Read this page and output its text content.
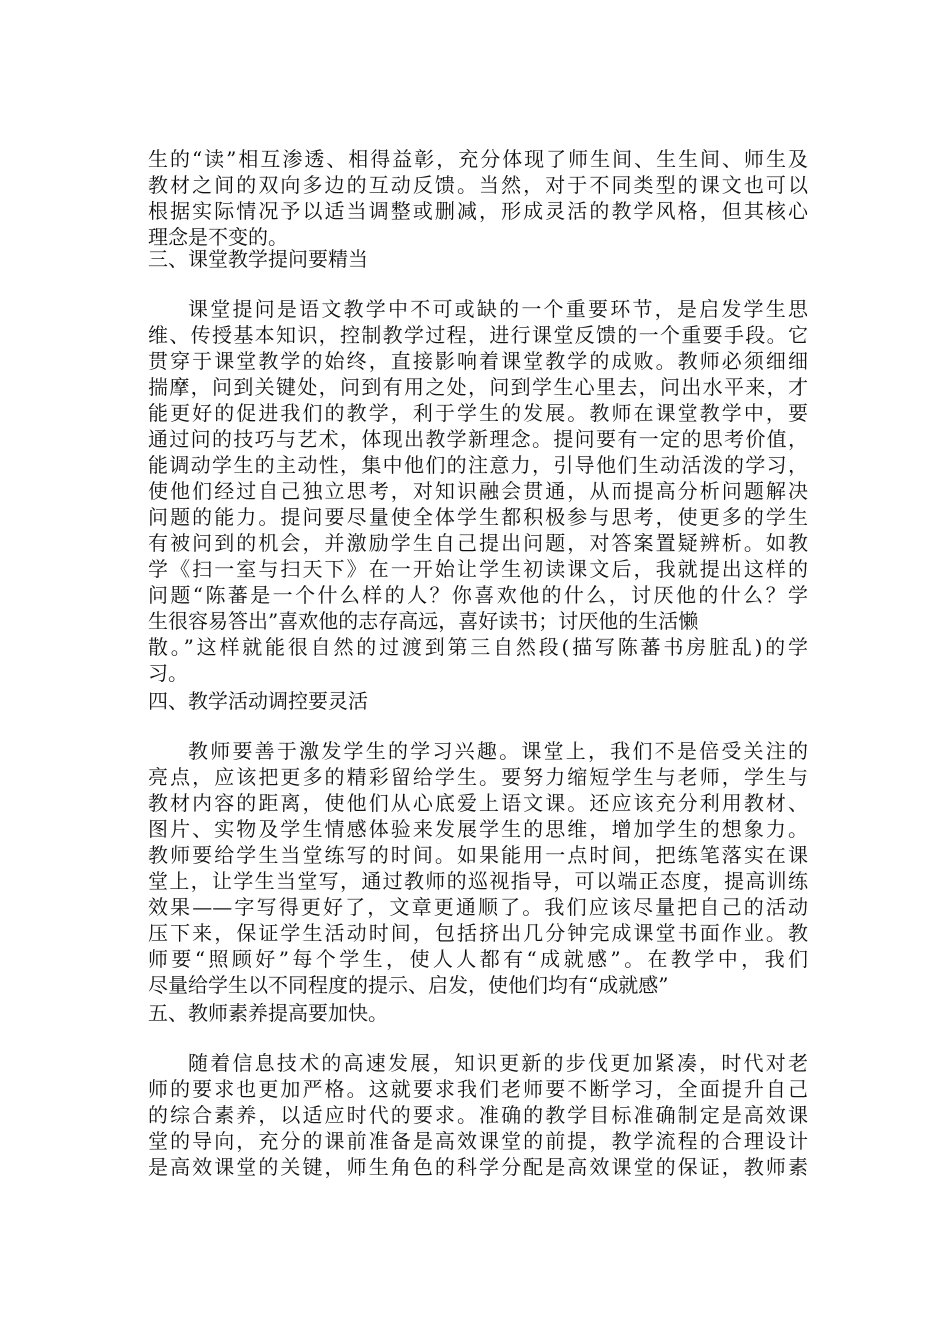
生的“读”相互渗透、相得益彰，充分体现了师生间、生生间、师生及
教材之间的双向多边的互动反馈。当然，对于不同类型的课文也可以
根据实际情况予以适当调整或删减，形成灵活的教学风格，但其核心
理念是不变的。
三、课堂教学提问要精当
课堂提问是语文教学中不可或缺的一个重要环节，是启发学生思
维、传授基本知识，控制教学过程，进行课堂反馈的一个重要手段。它
贯穿于课堂教学的始终，直接影响着课堂教学的成败。教师必须细细
揣摩，问到关键处，问到有用之处，问到学生心里去，问出水平来，才
能更好的促进我们的教学，利于学生的发展。教师在课堂教学中，要
通过问的技巧与艺术，体现出教学新理念。提问要有一定的思考价值，
能调动学生的主动性，集中他们的注意力，引导他们生动活泼的学习，
使他们经过自己独立思考，对知识融会贯通，从而提高分析问题解决
问题的能力。提问要尽量使全体学生都积极参与思考，使更多的学生
有被问到的机会，并激励学生自己提出问题，对答案置疑辨析。如教
学《扫一室与扫天下》在一开始让学生初读课文后，我就提出这样的
问题“陈蕃是一个什么样的人？你喜欢他的什么，讨厌他的什么？学
生很容易答出”喜欢他的志存高远，喜好读书；讨厌他的生活懒
散。”这样就能很自然的过渡到第三自然段(描写陈蕃书房脏乱)的学
习。
四、教学活动调控要灵活
教师要善于激发学生的学习兴趣。课堂上，我们不是倍受关注的
亮点，应该把更多的精彩留给学生。要努力缩短学生与老师，学生与
教材内容的距离，使他们从心底爱上语文课。还应该充分利用教材、
图片、实物及学生情感体验来发展学生的思维，增加学生的想象力。
教师要给学生当堂练写的时间。如果能用一点时间，把练笔落实在课
堂上，让学生当堂写，通过教师的巡视指导，可以端正态度，提高训练
效果——字写得更好了，文章更通顺了。我们应该尽量把自己的活动
压下来，保证学生活动时间，包括挤出几分钟完成课堂书面作业。教
师要“照顾好”每个学生，使人人都有“成就感”。在教学中，我们
尽量给学生以不同程度的提示、启发，使他们均有“成就感”
五、教师素养提高要加快。
随着信息技术的高速发展，知识更新的步伐更加紧凑，时代对老
师的要求也更加严格。这就要求我们老师要不断学习，全面提升自己
的综合素养，以适应时代的要求。准确的教学目标准确制定是高效课
堂的导向，充分的课前准备是高效课堂的前提，教学流程的合理设计
是高效课堂的关键，师生角色的科学分配是高效课堂的保证，教师素
